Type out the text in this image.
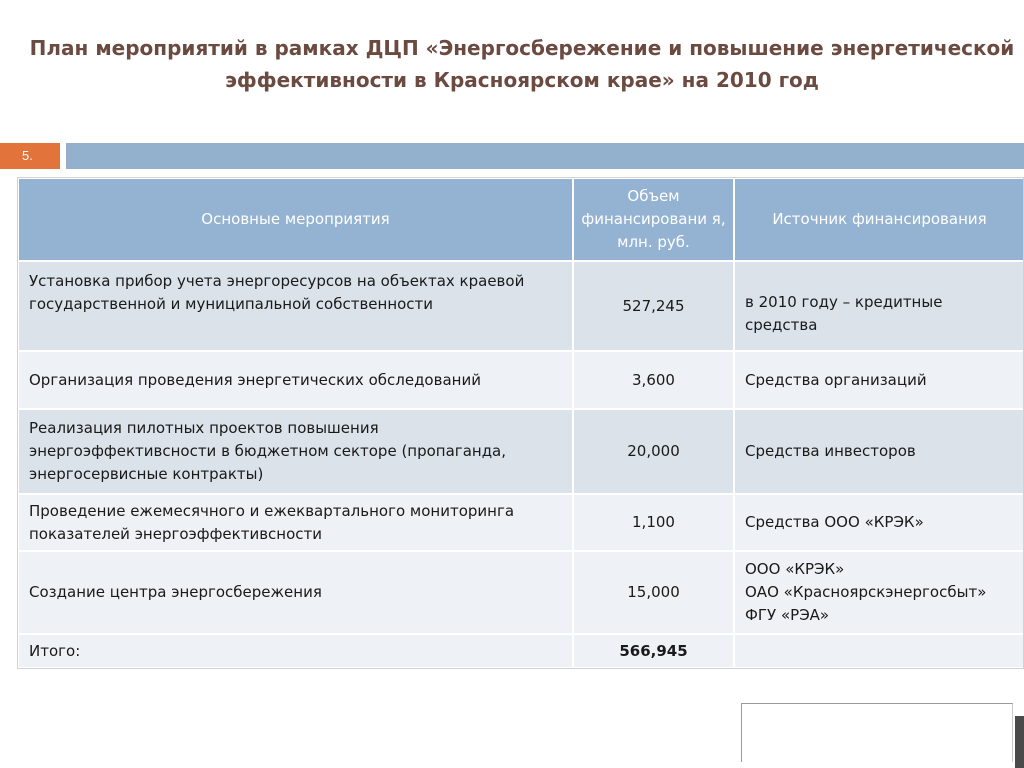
План мероприятий в рамках ДЦП «Энергосбережение и повышение энергетической
эффективности в Красноярском крае» на 2010 год
5.
Основные мероприятия	Объем финансировани я, млн. руб.	Источник финансирования
Установка прибор учета энергоресурсов на объектах краевой государственной и муниципальной собственности	527,245	в 2010 году – кредитные средства
Организация проведения энергетических обследований	3,600	Средства организаций
Реализация пилотных проектов повышения энергоэффективсности в бюджетном секторе (пропаганда, энергосервисные контракты)	20,000	Средства инвесторов
Проведение ежемесячного и ежеквартального мониторинга показателей энергоэффективсности	1,100	Средства ООО «КРЭК»
Создание центра энергосбережения	15,000	ООО «КРЭК»
ОАО «Красноярскэнергосбыт»
ФГУ «РЭА»

Итого:	566,945	
